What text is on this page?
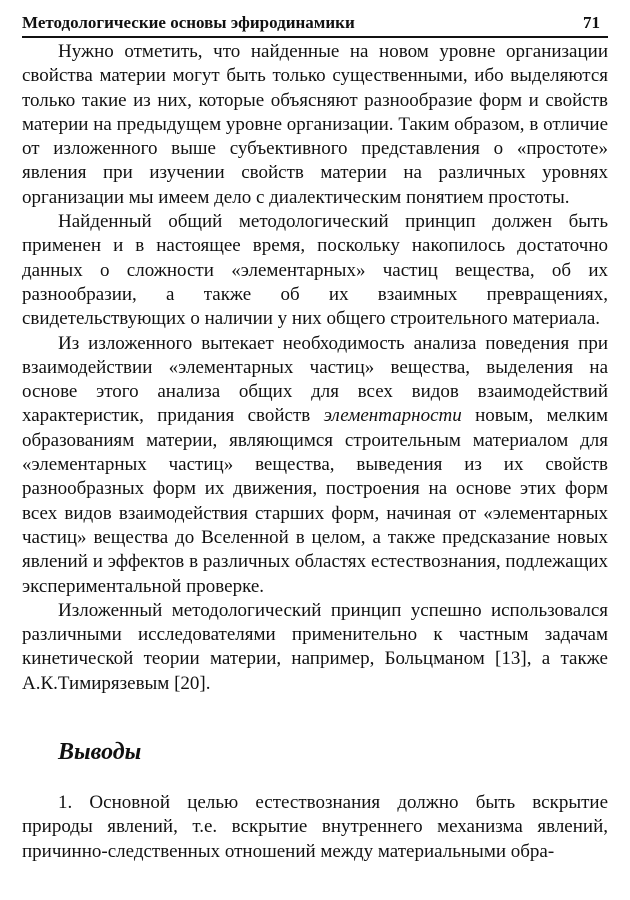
Методологические основы эфиродинамики	71

Нужно отметить, что найденные на новом уровне организации свойства материи могут быть только существенными, ибо выделяются только такие из них, которые объясняют разнообразие форм и свойств материи на предыдущем уровне организации. Таким образом, в отличие от изложенного выше субъективного представления о «простоте» явления при изучении свойств материи на различных уровнях организации мы имеем дело с диалектическим понятием простоты.

Найденный общий методологический принцип должен быть применен и в настоящее время, поскольку накопилось достаточно данных о сложности «элементарных» частиц вещества, об их разнообразии, а также об их взаимных превращениях, свидетельствующих о наличии у них общего строительного материала.

Из изложенного вытекает необходимость анализа поведения при взаимодействии «элементарных частиц» вещества, выделения на основе этого анализа общих для всех видов взаимодействий характеристик, придания свойств элементарности новым, мелким образованиям материи, являющимся строительным материалом для «элементарных частиц» вещества, выведения из их свойств разнообразных форм их движения, построения на основе этих форм всех видов взаимодействия старших форм, начиная от «элементарных частиц» вещества до Вселенной в целом, а также предсказание новых явлений и эффектов в различных областях естествознания, подлежащих экспериментальной проверке.

Изложенный методологический принцип успешно использовался различными исследователями применительно к частным задачам кинетической теории материи, например, Больцманом [13], а также А.К.Тимирязевым [20].

Выводы

1. Основной целью естествознания должно быть вскрытие природы явлений, т.е. вскрытие внутреннего механизма явлений, причинно-следственных отношений между материальными обра-
